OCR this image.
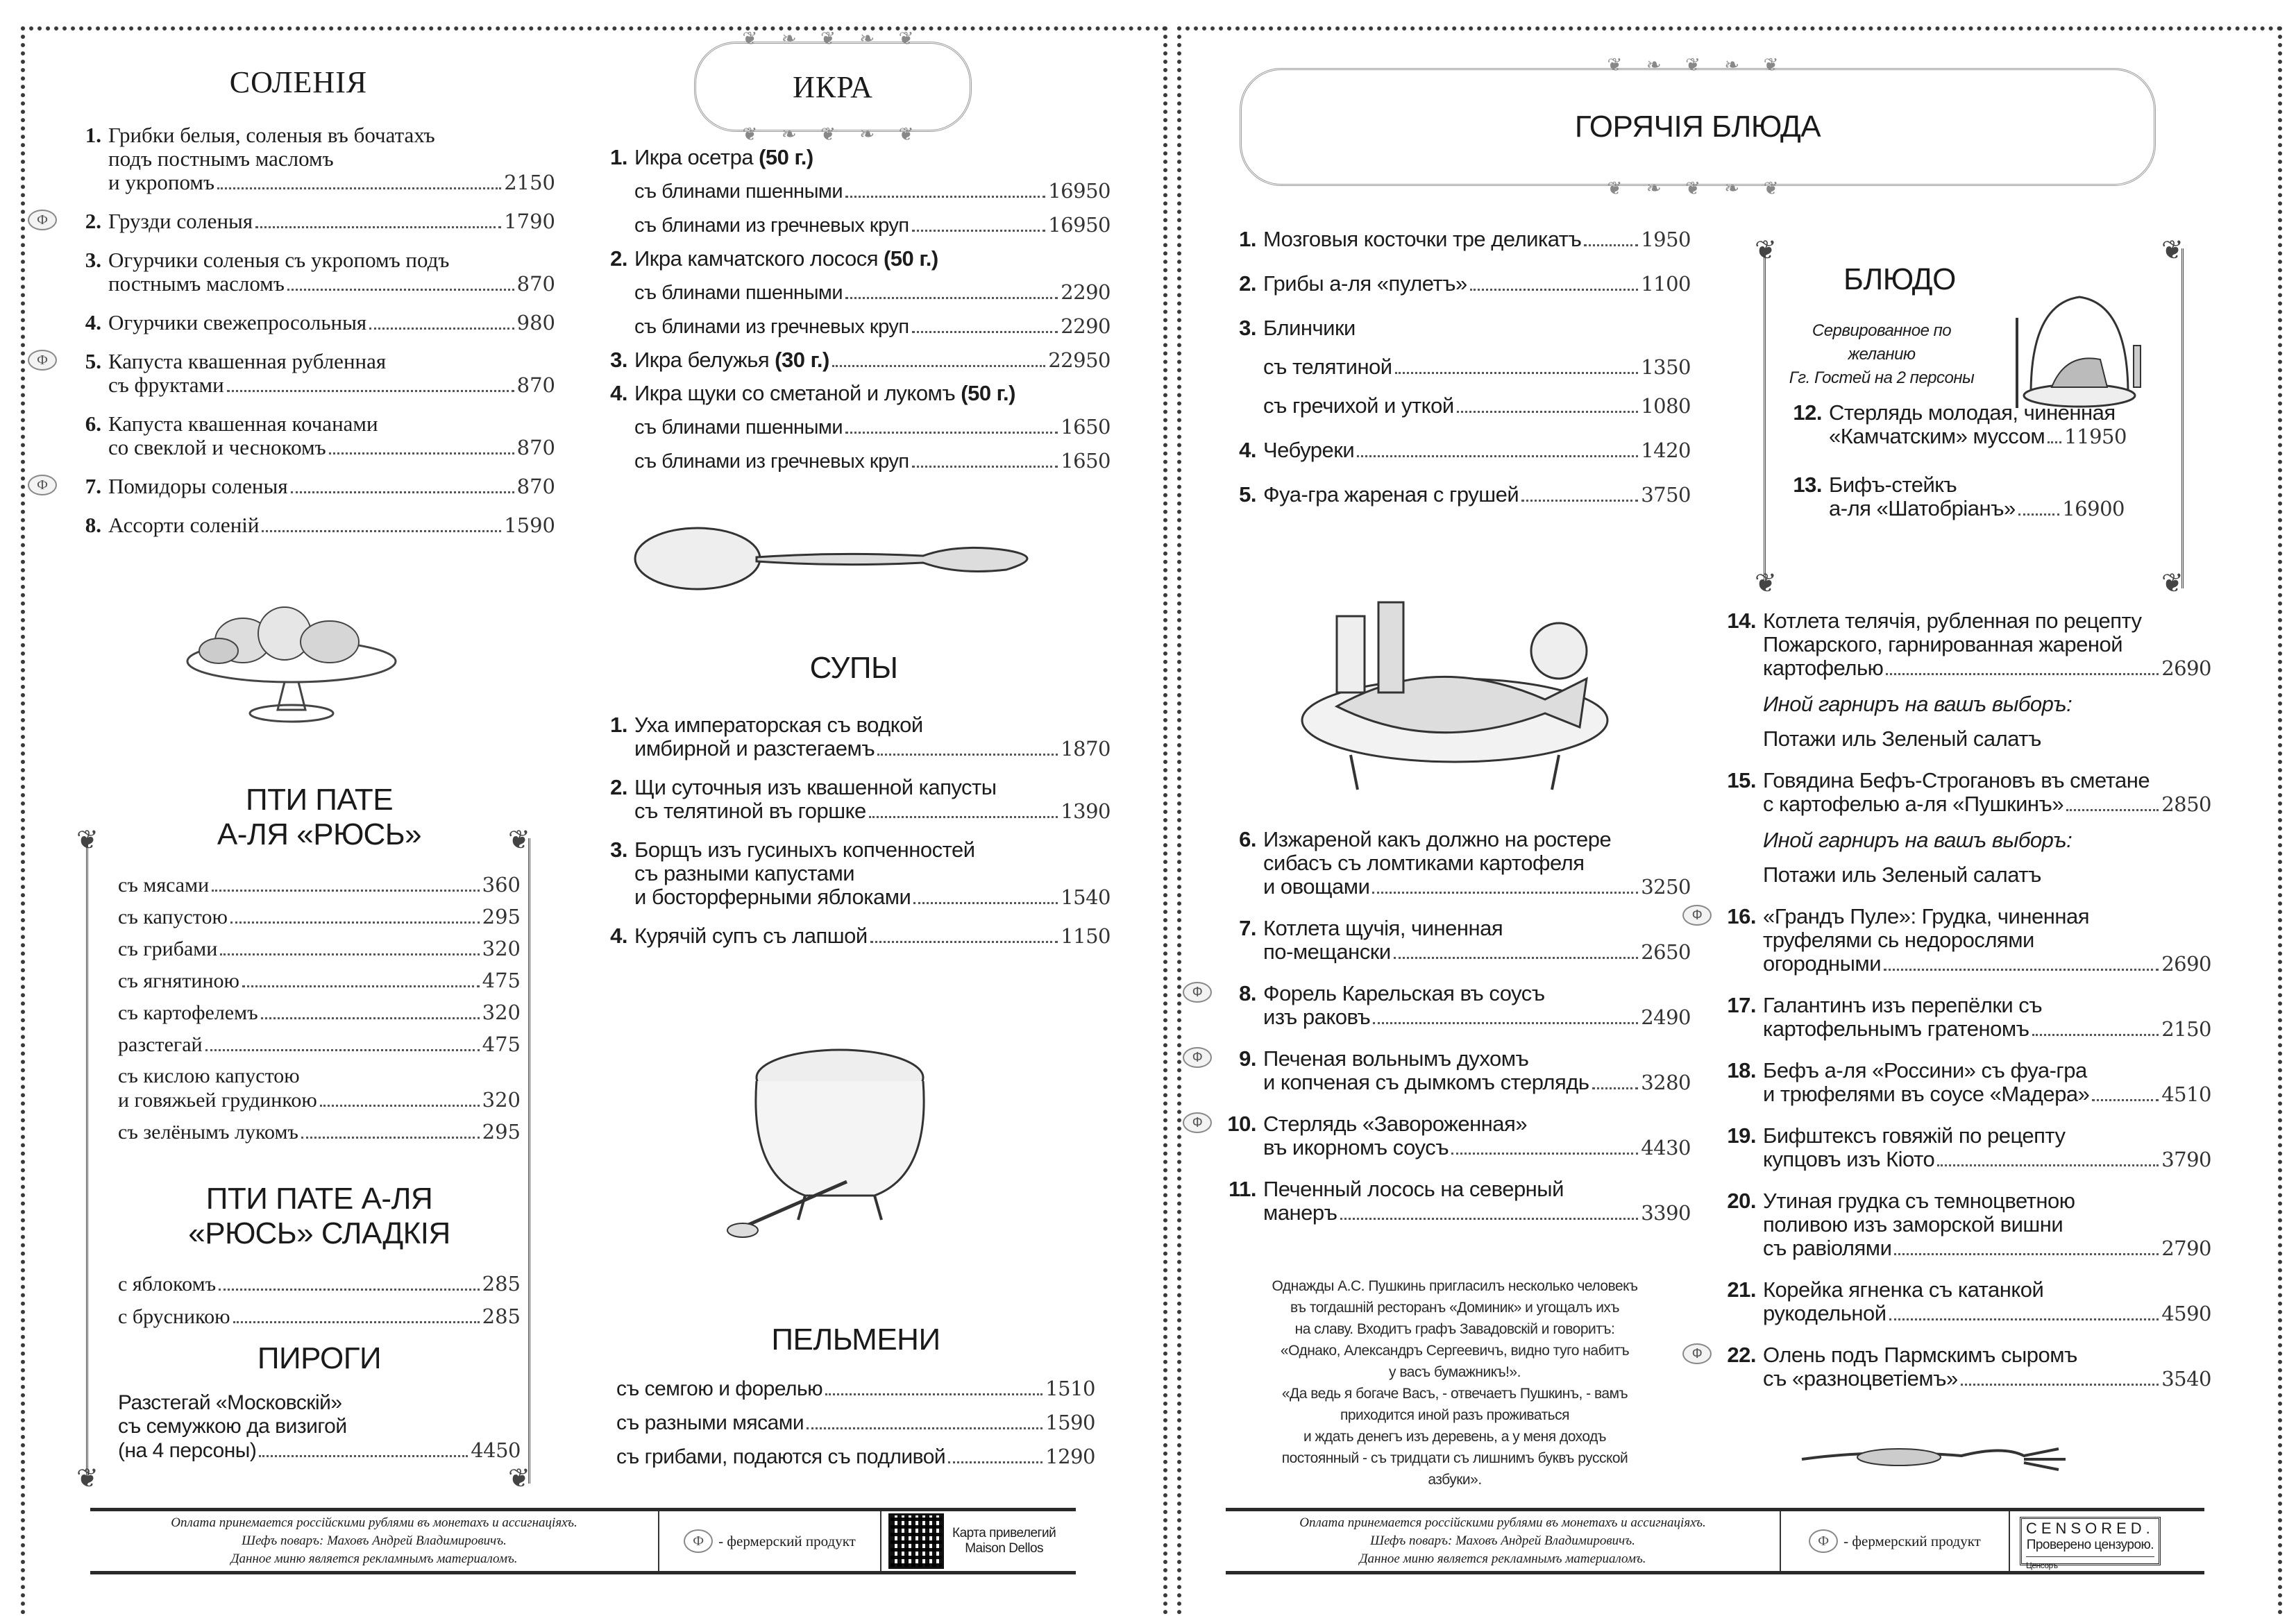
СОЛЕНІЯ
1. Грибки белыя, соленыя въ бочатахъ
подъ постнымъ масломъ
и укропомъ	2150
Ф	2. Грузди соленыя	1790
3. Огурчики соленыя съ укропомъ подъ
постнымъ масломъ	870
4. Огурчики свежепросольныя	980
Ф	5. Капуста квашенная рубленная
съ фруктами	870
6. Капуста квашенная кочанами
со свеклой и чеснокомъ	870
Ф	7. Помидоры соленыя	870
8. Ассорти соленій	1590
❦	❦
❦	❦
ПТИ ПАТЕ
А-ЛЯ «РЮСЬ»
съ мясами	360
съ капустою	295
съ грибами	320
съ ягнятиною	475
съ картофелемъ	320
разстегай	475
съ кислою капустою
и говяжьей грудинкою	320
съ зелёнымъ лукомъ	295
ПТИ ПАТЕ А-ЛЯ
«РЮСЬ» СЛАДКІЯ
с яблокомъ	285
с брусникою	285
ПИРОГИ
Разстегай «Московскій»
съ семужкою да визигой
(на 4 персоны)	4450
❦ ❧ ❦ ❧ ❦ ИКРА
❦ ❧ ❦ ❧ ❦
1. Икра осетра (50 г.)
съ блинами пшенными	16950
съ блинами из гречневых круп	16950
2. Икра камчатского лосося (50 г.)
съ блинами пшенными	2290
съ блинами из гречневых круп	2290
3. Икра белужья (30 г.)	22950
4. Икра щуки со сметаной и лукомъ (50 г.)
съ блинами пшенными	1650
съ блинами из гречневых круп	1650
СУПЫ
1. Уха императорская съ водкой
имбирной и разстегаемъ	1870
2. Щи суточныя изъ квашенной капусты
съ телятиной въ горшке	1390
3. Борщъ изъ гусиныхъ копченностей
съ разными капустами
и босторферными яблоками	1540
4. Курячій супъ съ лапшой	1150
ПЕЛЬМЕНИ
съ семгою и форелью	1510
съ разными мясами	1590
съ грибами, подаются съ подливой	1290
Оплата принемается россійскими рублями въ монетахъ и ассигнаціяхъ.
Шефъ поваръ: Маховъ Андрей Владимировичъ.
Данное миню является рекламнымъ материаломъ.
Ф	- фермерский продукт	Карта привелегий
Maison Dellos
❦ ❧ ❦ ❧ ❦ ГОРЯЧІЯ БЛЮДА
❦ ❧ ❦ ❧ ❦
1. Мозговыя косточки тре деликатъ	1950
2. Грибы а-ля «пулетъ»	1100
3. Блинчики
съ телятиной	1350
съ гречихой и уткой	1080
4. Чебуреки	1420
5. Фуа-гра жареная с грушей	3750
6. Изжареной какъ должно на ростере
сибасъ съ ломтиками картофеля
и овощами	3250
7. Котлета щучія, чиненная
по-мещански	2650
Ф	8. Форель Карельская въ соусъ
изъ раковъ	2490
Ф	9. Печеная вольнымъ духомъ
и копченая съ дымкомъ стерлядь	3280
Ф	10. Стерлядь «Завороженная»
въ икорномъ соусъ	4430
11. Печенный лосось на северный
манеръ	3390
Однажды А.С. Пушкинь пригласилъ несколько человекъ
въ тогдашній ресторанъ «Доминик» и угощалъ ихъ
на славу. Входитъ графъ Завадовскій и говоритъ:
«Однако, Александръ Сергеевичъ, видно туго набитъ
у васъ бумажникъ!».
«Да ведь я богаче Васъ, - отвечаетъ Пушкинъ, - вамъ
приходится иной разъ проживаться
и ждать денегъ изъ деревень, а у меня доходъ
постоянный - съ тридцати съ лишнимъ буквъ русской
азбуки».
❦	❦
❦	❦
БЛЮДО
Сервированное по желанию
Гг. Гостей на 2 персоны
12. Стерлядь молодая, чиненная
«Камчатским» муссом 11950
13. Бифъ-стейкъ
а-ля «Шатобріанъ» 16900
14. Котлета телячія, рубленная по рецепту
Пожарского, гарнированная жареной
картофелью	2690
Иной гарниръ на вашъ выборъ:
Потажи иль Зеленый салатъ
15. Говядина Бефъ-Строгановъ въ сметане
с картофелью а-ля «Пушкинъ»	2850
Иной гарниръ на вашъ выборъ:
Потажи иль Зеленый салатъ
Ф	16. «Грандъ Пуле»: Грудка, чиненная
труфелями сь недорослями
огородными	2690
17. Галантинъ изъ перепёлки съ
картофельнымъ гратеномъ	2150
18. Бефъ а-ля «Россини» съ фуа-гра
и трюфелями въ соусе «Мадера»	4510
19. Бифштексъ говяжій по рецепту
купцовъ изъ Кіото	3790
20. Утиная грудка съ темноцветною
поливою изъ заморской вишни
съ равіолями	2790
21. Корейка ягненка съ катанкой
рукодельной	4590
Ф	22. Олень подъ Пармскимъ сыромъ
съ «разноцветіемъ»	3540
Оплата принемается россійскими рублями въ монетахъ и ассигнаціяхъ.
Шефъ поваръ: Маховъ Андрей Владимировичъ.
Данное миню является рекламнымъ материаломъ.
Ф	- фермерский продукт
CENSORED.
Проверено цензурою.
Ценсоръ
